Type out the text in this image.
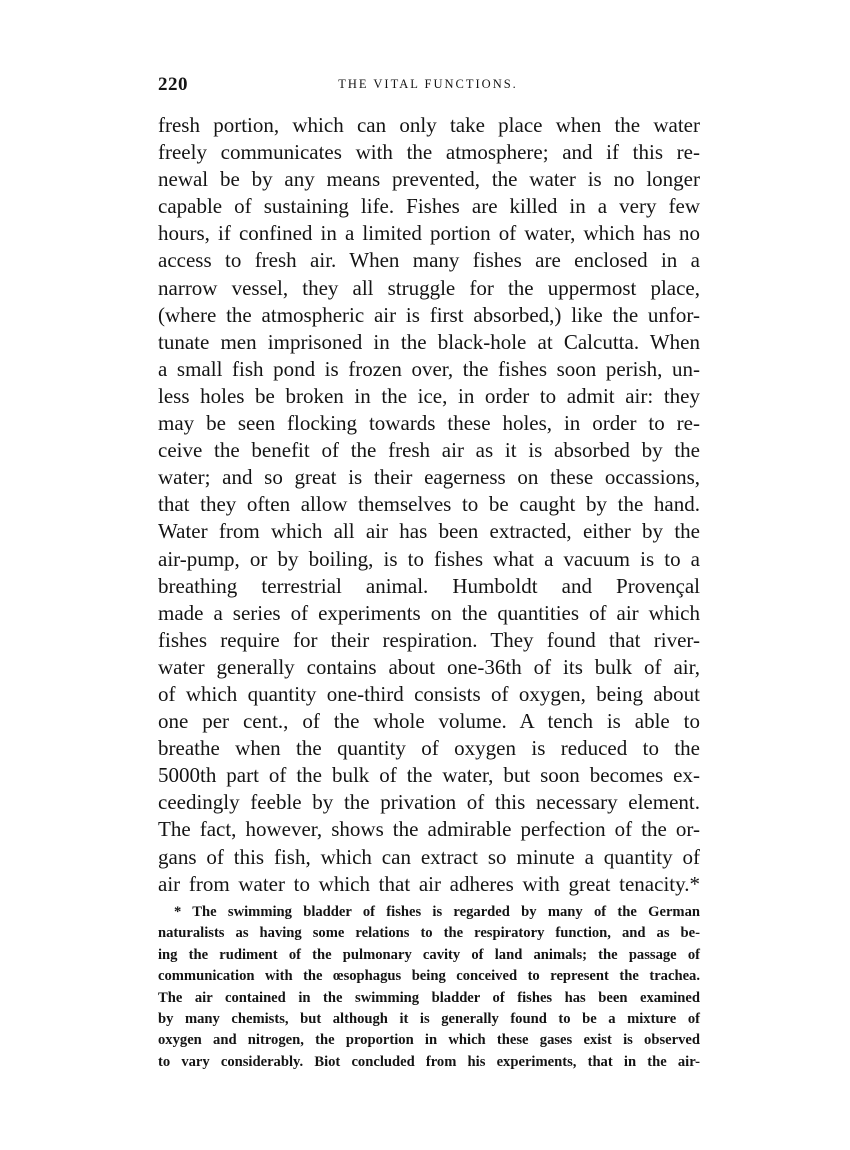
220	THE VITAL FUNCTIONS.
fresh portion, which can only take place when the water
freely communicates with the atmosphere; and if this re-
newal be by any means prevented, the water is no longer
capable of sustaining life. Fishes are killed in a very few
hours, if confined in a limited portion of water, which has no
access to fresh air. When many fishes are enclosed in a
narrow vessel, they all struggle for the uppermost place,
(where the atmospheric air is first absorbed,) like the unfor-
tunate men imprisoned in the black-hole at Calcutta. When
a small fish pond is frozen over, the fishes soon perish, un-
less holes be broken in the ice, in order to admit air: they
may be seen flocking towards these holes, in order to re-
ceive the benefit of the fresh air as it is absorbed by the
water; and so great is their eagerness on these occassions,
that they often allow themselves to be caught by the hand.
Water from which all air has been extracted, either by the
air-pump, or by boiling, is to fishes what a vacuum is to a
breathing terrestrial animal. Humboldt and Provençal
made a series of experiments on the quantities of air which
fishes require for their respiration. They found that river-
water generally contains about one-36th of its bulk of air,
of which quantity one-third consists of oxygen, being about
one per cent., of the whole volume. A tench is able to
breathe when the quantity of oxygen is reduced to the
5000th part of the bulk of the water, but soon becomes ex-
ceedingly feeble by the privation of this necessary element.
The fact, however, shows the admirable perfection of the or-
gans of this fish, which can extract so minute a quantity of
air from water to which that air adheres with great tenacity.*
* The swimming bladder of fishes is regarded by many of the German
naturalists as having some relations to the respiratory function, and as be-
ing the rudiment of the pulmonary cavity of land animals; the passage of
communication with the œsophagus being conceived to represent the trachea.
The air contained in the swimming bladder of fishes has been examined
by many chemists, but although it is generally found to be a mixture of
oxygen and nitrogen, the proportion in which these gases exist is observed
to vary considerably. Biot concluded from his experiments, that in the air-
